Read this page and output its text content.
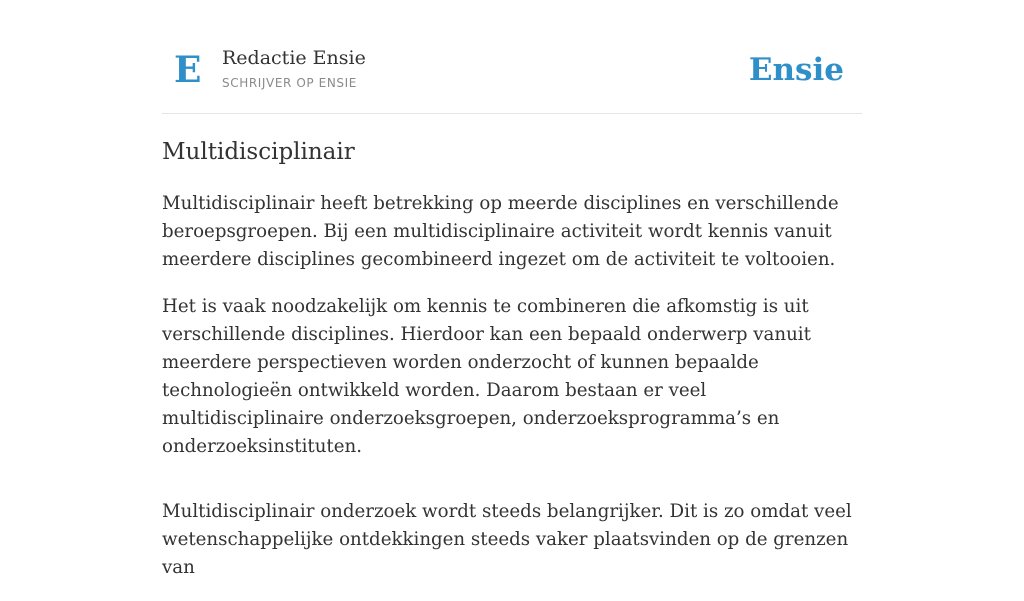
E Redactie Ensie
SCHRIJVER OP ENSIE	Ensie
Multidisciplinair

Multidisciplinair heeft betrekking op meerde disciplines en verschillende beroepsgroepen. Bij een multidisciplinaire activiteit wordt kennis vanuit meerdere disciplines gecombineerd ingezet om de activiteit te voltooien.

Het is vaak noodzakelijk om kennis te combineren die afkomstig is uit verschillende disciplines. Hierdoor kan een bepaald onderwerp vanuit meerdere perspectieven worden onderzocht of kunnen bepaalde technologieën ontwikkeld worden. Daarom bestaan er veel multidisciplinaire onderzoeksgroepen, onderzoeksprogramma’s en onderzoeksinstituten.

Multidisciplinair onderzoek wordt steeds belangrijker. Dit is zo omdat veel wetenschappelijke ontdekkingen steeds vaker plaatsvinden op de grenzen van
